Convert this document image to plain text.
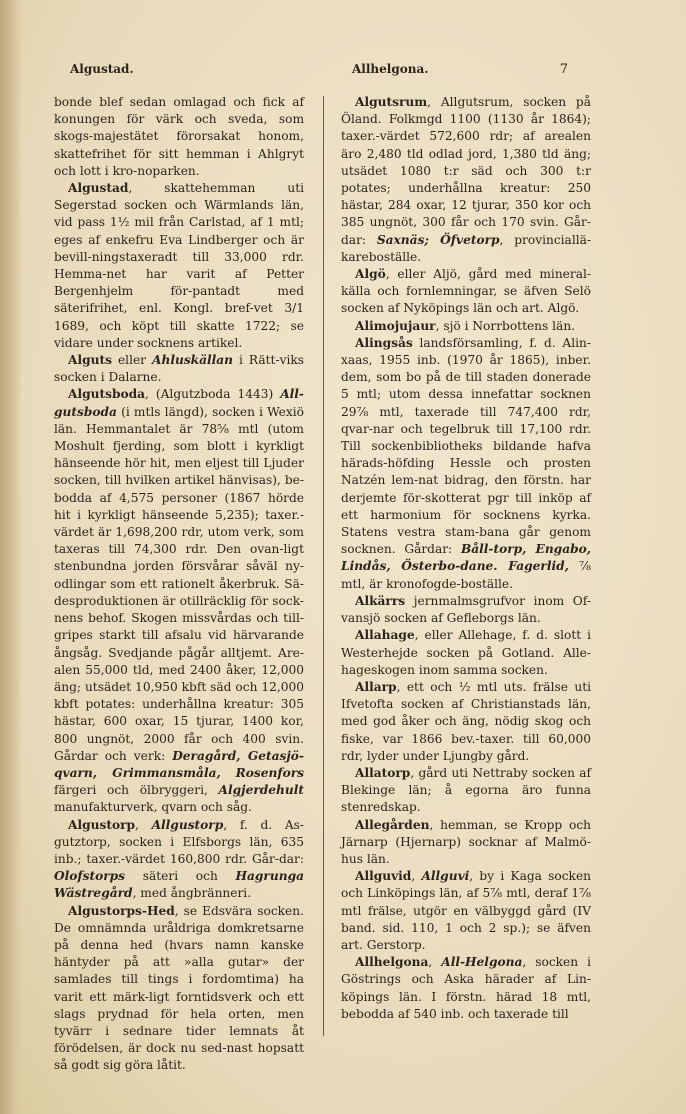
Algustad.	Allhelgona.	7

bonde blef sedan omlagad och fick af konungen för värk och sveda, som skogs-majestätet förorsakat honom, skattefrihet för sitt hemman i Ahlgryt och lott i kro-noparken.

Algustad, skattehemman uti Segerstad socken och Wärmlands län, vid pass 1½ mil från Carlstad, af 1 mtl; eges af enkefru Eva Lindberger och är bevill-ningstaxeradt till 33,000 rdr. Hemma-net har varit af Petter Bergenhjelm för-pantadt med säterifrihet, enl. Kongl. bref-vet 3/1 1689, och köpt till skatte 1722; se vidare under socknens artikel.

Alguts eller Ahluskällan i Rätt-viks socken i Dalarne.

Algutsboda, (Algutzboda 1443) All-gutsboda (i mtls längd), socken i Wexiö län. Hemmantalet är 78⅝ mtl (utom Moshult fjerding, som blott i kyrkligt hänseende hör hit, men eljest till Ljuder socken, till hvilken artikel hänvisas), be-bodda af 4,575 personer (1867 hörde hit i kyrkligt hänseende 5,235); taxer.-värdet är 1,698,200 rdr, utom verk, som taxeras till 74,300 rdr. Den ovan-ligt stenbundna jorden försvårar såväl ny-odlingar som ett rationelt åkerbruk. Sä-desproduktionen är otillräcklig för sock-nens behof. Skogen missvårdas och till-gripes starkt till afsalu vid härvarande ångsåg. Svedjande pågår alltjemt. Are-alen 55,000 tld, med 2400 åker, 12,000 äng; utsädet 10,950 kbft säd och 12,000 kbft potates: underhållna kreatur: 305 hästar, 600 oxar, 15 tjurar, 1400 kor, 800 ungnöt, 2000 får och 400 svin. Gårdar och verk: Deragård, Getasjö-qvarn, Grimmansmåla, Rosenfors färgeri och ölbryggeri, Algjerdehult manufakturverk, qvarn och såg.

Algustorp, Allgustorp, f. d. As-gutztorp, socken i Elfsborgs län, 635 inb.; taxer.-värdet 160,800 rdr. Går-dar: Olofstorps säteri och Hagrunga Wästregård, med ångbränneri.

Algustorps-Hed, se Edsvära socken. De omnämnda uråldriga domkretsarne på denna hed (hvars namn kanske häntyder på att »alla gutar» der samlades till tings i fordomtima) ha varit ett märk-ligt forntidsverk och ett slags prydnad för hela orten, men tyvärr i sednare tider lemnats åt förödelsen, är dock nu sed-nast hopsatt så godt sig göra låtit.

Algutsrum, Allgutsrum, socken på Öland. Folkmgd 1100 (1130 år 1864); taxer.-värdet 572,600 rdr; af arealen äro 2,480 tld odlad jord, 1,380 tld äng; utsädet 1080 t:r säd och 300 t:r potates; underhållna kreatur: 250 hästar, 284 oxar, 12 tjurar, 350 kor och 385 ungnöt, 300 får och 170 svin. Går-dar: Saxnäs; Öfvetorp, provinciallä-kareboställe.

Algö, eller Aljö, gård med mineral-källa och fornlemningar, se äfven Selö socken af Nyköpings län och art. Algö.

Alimojujaur, sjö i Norrbottens län.

Alingsås landsförsamling, f. d. Alin-xaas, 1955 inb. (1970 år 1865), inber. dem, som bo på de till staden donerade 5 mtl; utom dessa innefattar socknen 29⅞ mtl, taxerade till 747,400 rdr, qvar-nar och tegelbruk till 17,100 rdr. Till sockenbibliotheks bildande hafva härads-höfding Hessle och prosten Natzén lem-nat bidrag, den förstn. har derjemte för-skotterat pgr till inköp af ett harmonium för socknens kyrka. Statens vestra stam-bana går genom socknen. Gårdar: Båll-torp, Engabo, Lindås, Österbo-dane. Fagerlid, ⅞ mtl, är kronofogde-boställe.

Alkärrs jernmalmsgrufvor inom Of-vansjö socken af Gefleborgs län.

Allahage, eller Allehage, f. d. slott i Westerhejde socken på Gotland. Alle-hageskogen inom samma socken.

Allarp, ett och ½ mtl uts. frälse uti Ifvetofta socken af Christianstads län, med god åker och äng, nödig skog och fiske, var 1866 bev.-taxer. till 60,000 rdr, lyder under Ljungby gård.

Allatorp, gård uti Nettraby socken af Blekinge län; å egorna äro funna stenredskap.

Allegården, hemman, se Kropp och Järnarp (Hjernarp) socknar af Malmö-hus län.

Allguvid, Allguvi, by i Kaga socken och Linköpings län, af 5⅞ mtl, deraf 1⅞ mtl frälse, utgör en välbyggd gård (IV band. sid. 110, 1 och 2 sp.); se äfven art. Gerstorp.

Allhelgona, All-Helgona, socken i Göstrings och Aska härader af Lin-köpings län. I förstn. härad 18 mtl, bebodda af 540 inb. och taxerade till
